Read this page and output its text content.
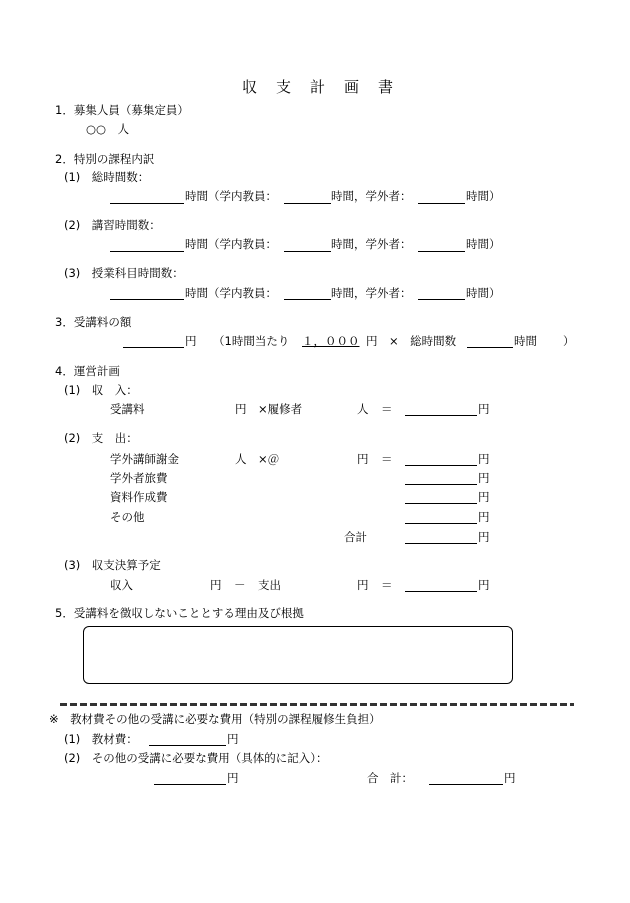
収 支 計 画 書
1．募集人員（募集定員）
○○　人
2．特別の課程内訳
(1)　総時間数：
時間（学内教員：	時間，学外者：	時間）
(2)　講習時間数：
時間（学内教員：	時間，学外者：	時間）
(3)　授業科目時間数：
時間（学内教員：	時間，学外者：	時間）
3．受講料の額
円 （1時間当たり １，０００ 円　×　総時間数	時間 ）
4．運営計画
(1)　収　入：
受講料	円 ×履修者	人 ＝	円
(2)　支　出：
学外講師謝金	人 ×＠	円 ＝	円
学外者旅費	円
資料作成費	円
その他	円
合計	円
(3)　収支決算予定
収入	円 － 支出	円 ＝	円
5．受講料を徴収しないこととする理由及び根拠
※　教材費その他の受講に必要な費用（特別の課程履修生負担）
(1)　教材費：	円
(2)　その他の受講に必要な費用（具体的に記入）：
円	合　計：	円
